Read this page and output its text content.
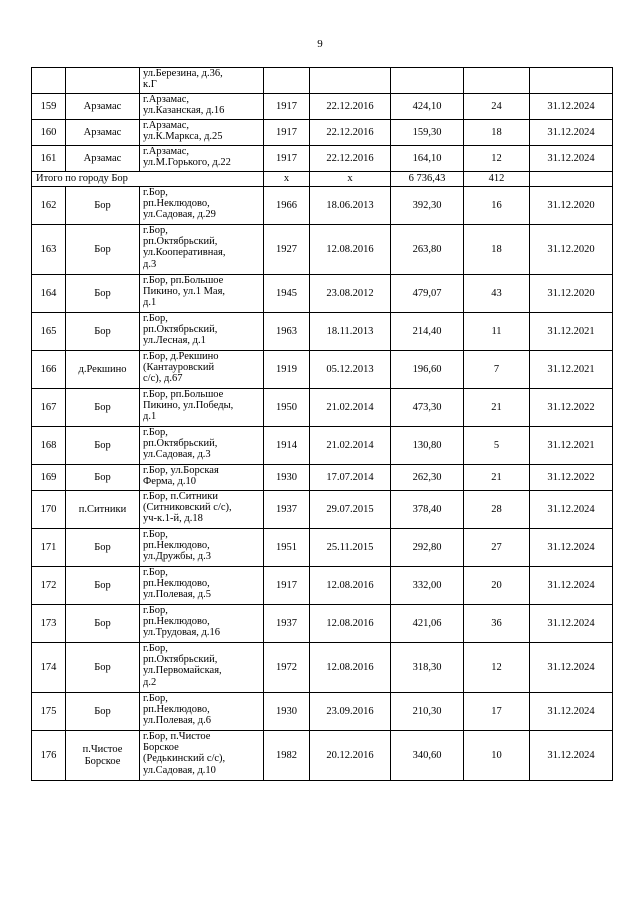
9
		ул.Березина, д.36,
к.Г					
159	Арзамас	г.Арзамас,
ул.Казанская, д.16	1917	22.12.2016	424,10	24	31.12.2024
160	Арзамас	г.Арзамас,
ул.К.Маркса, д.25	1917	22.12.2016	159,30	18	31.12.2024
161	Арзамас	г.Арзамас,
ул.М.Горького, д.22	1917	22.12.2016	164,10	12	31.12.2024
Итого по городу Бор			х	х	6 736,43	412	
162	Бор	г.Бор,
рп.Неклюдово,
ул.Садовая, д.29	1966	18.06.2013	392,30	16	31.12.2020
163	Бор	г.Бор,
рп.Октябрьский,
ул.Кооперативная,
д.3	1927	12.08.2016	263,80	18	31.12.2020
164	Бор	г.Бор, рп.Большое
Пикино, ул.1 Мая,
д.1	1945	23.08.2012	479,07	43	31.12.2020
165	Бор	г.Бор,
рп.Октябрьский,
ул.Лесная, д.1	1963	18.11.2013	214,40	11	31.12.2021
166	д.Рекшино	г.Бор, д.Рекшино
(Кантауровский
с/с), д.67	1919	05.12.2013	196,60	7	31.12.2021
167	Бор	г.Бор, рп.Большое
Пикино, ул.Победы,
д.1	1950	21.02.2014	473,30	21	31.12.2022
168	Бор	г.Бор,
рп.Октябрьский,
ул.Садовая, д.3	1914	21.02.2014	130,80	5	31.12.2021
169	Бор	г.Бор, ул.Борская
Ферма, д.10	1930	17.07.2014	262,30	21	31.12.2022
170	п.Ситники	г.Бор, п.Ситники
(Ситниковский с/с),
уч-к.1-й, д.18	1937	29.07.2015	378,40	28	31.12.2024
171	Бор	г.Бор,
рп.Неклюдово,
ул.Дружбы, д.3	1951	25.11.2015	292,80	27	31.12.2024
172	Бор	г.Бор,
рп.Неклюдово,
ул.Полевая, д.5	1917	12.08.2016	332,00	20	31.12.2024
173	Бор	г.Бор,
рп.Неклюдово,
ул.Трудовая, д.16	1937	12.08.2016	421,06	36	31.12.2024
174	Бор	г.Бор,
рп.Октябрьский,
ул.Первомайская,
д.2	1972	12.08.2016	318,30	12	31.12.2024
175	Бор	г.Бор,
рп.Неклюдово,
ул.Полевая, д.6	1930	23.09.2016	210,30	17	31.12.2024
176	п.Чистое
Борское	г.Бор, п.Чистое
Борское
(Редькинский с/с),
ул.Садовая, д.10	1982	20.12.2016	340,60	10	31.12.2024
